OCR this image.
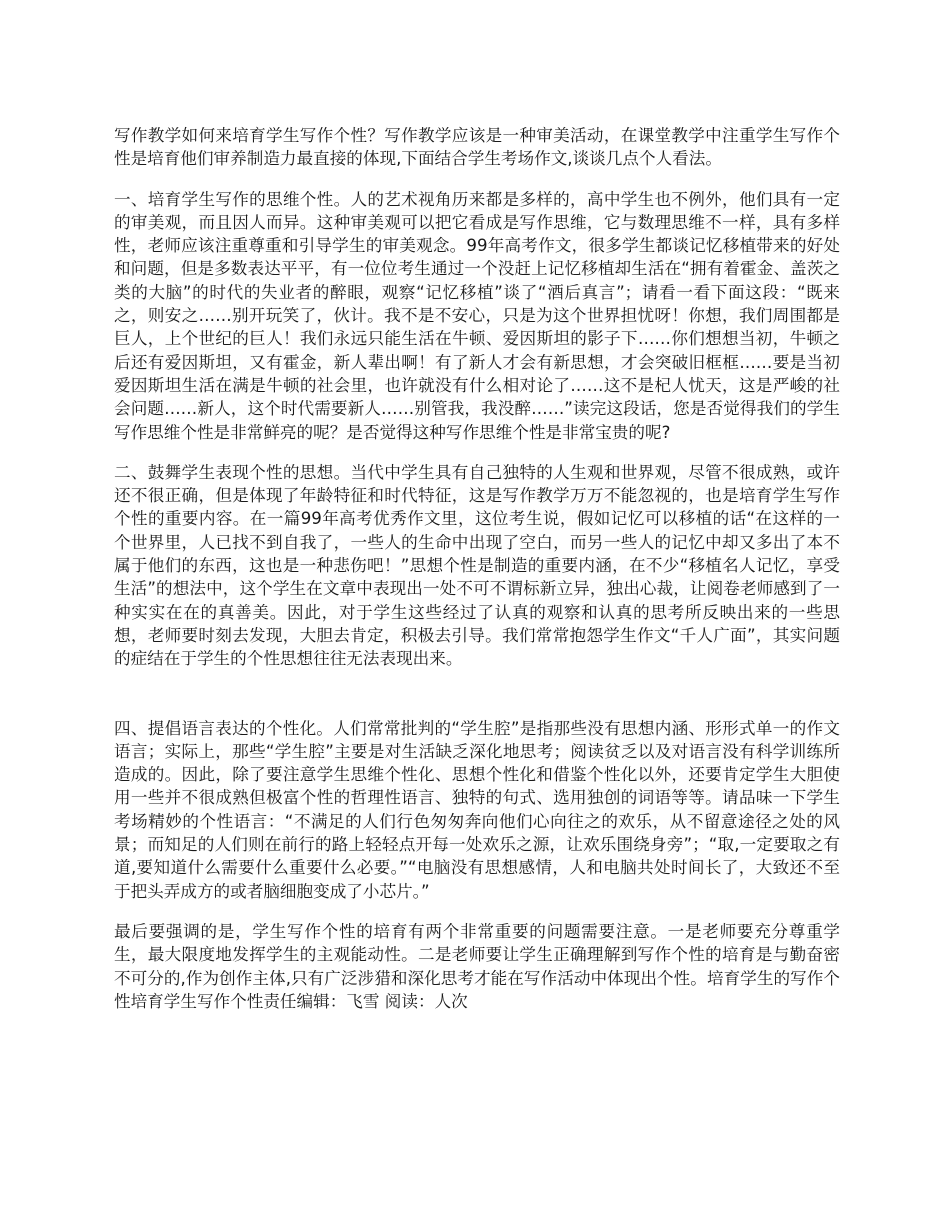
写作教学如何来培育学生写作个性？写作教学应该是一种审美活动，在课堂教学中注重学生写作个性是培育他们审养制造力最直接的体现,下面结合学生考场作文,谈谈几点个人看法。

一、培育学生写作的思维个性。人的艺术视角历来都是多样的，高中学生也不例外，他们具有一定的审美观，而且因人而异。这种审美观可以把它看成是写作思维，它与数理思维不一样，具有多样性，老师应该注重尊重和引导学生的审美观念。99年高考作文，很多学生都谈记忆移植带来的好处和问题，但是多数表达平平，有一位位考生通过一个没赶上记忆移植却生活在“拥有着霍金、盖茨之类的大脑”的时代的失业者的醉眼，观察“记忆移植”谈了“酒后真言”；请看一看下面这段：“既来之，则安之……别开玩笑了，伙计。我不是不安心，只是为这个世界担忧呀！你想，我们周围都是巨人，上个世纪的巨人！我们永远只能生活在牛顿、爱因斯坦的影子下……你们想想当初，牛顿之后还有爱因斯坦，又有霍金，新人辈出啊！有了新人才会有新思想，才会突破旧框框……要是当初爱因斯坦生活在满是牛顿的社会里，也许就没有什么相对论了……这不是杞人忧天，这是严峻的社会问题……新人，这个时代需要新人……别管我，我没醉……”读完这段话，您是否觉得我们的学生写作思维个性是非常鲜亮的呢？是否觉得这种写作思维个性是非常宝贵的呢?

二、鼓舞学生表现个性的思想。当代中学生具有自己独特的人生观和世界观，尽管不很成熟，或许还不很正确，但是体现了年龄特征和时代特征，这是写作教学万万不能忽视的，也是培育学生写作个性的重要内容。在一篇99年高考优秀作文里，这位考生说，假如记忆可以移植的话“在这样的一个世界里，人已找不到自我了，一些人的生命中出现了空白，而另一些人的记忆中却又多出了本不属于他们的东西，这也是一种悲伤吧！”思想个性是制造的重要内涵，在不少“移植名人记忆，享受生活”的想法中，这个学生在文章中表现出一处不可不谓标新立异，独出心裁，让阅卷老师感到了一种实实在在的真善美。因此，对于学生这些经过了认真的观察和认真的思考所反映出来的一些思想，老师要时刻去发现，大胆去肯定，积极去引导。我们常常抱怨学生作文“千人广面”，其实问题的症结在于学生的个性思想往往无法表现出来。

四、提倡语言表达的个性化。人们常常批判的“学生腔”是指那些没有思想内涵、形形式单一的作文语言；实际上，那些“学生腔”主要是对生活缺乏深化地思考；阅读贫乏以及对语言没有科学训练所造成的。因此，除了要注意学生思维个性化、思想个性化和借鉴个性化以外，还要肯定学生大胆使用一些并不很成熟但极富个性的哲理性语言、独特的句式、选用独创的词语等等。请品味一下学生考场精妙的个性语言：“不满足的人们行色匆匆奔向他们心向往之的欢乐，从不留意途径之处的风景；而知足的人们则在前行的路上轻轻点开每一处欢乐之源，让欢乐围绕身旁”；“取,一定要取之有道,要知道什么需要什么重要什么必要。”“电脑没有思想感情，人和电脑共处时间长了，大致还不至于把头弄成方的或者脑细胞变成了小芯片。”

最后要强调的是，学生写作个性的培育有两个非常重要的问题需要注意。一是老师要充分尊重学生，最大限度地发挥学生的主观能动性。二是老师要让学生正确理解到写作个性的培育是与勤奋密不可分的,作为创作主体,只有广泛涉猎和深化思考才能在写作活动中体现出个性。培育学生的写作个性培育学生写作个性责任编辑：飞雪 阅读：人次
